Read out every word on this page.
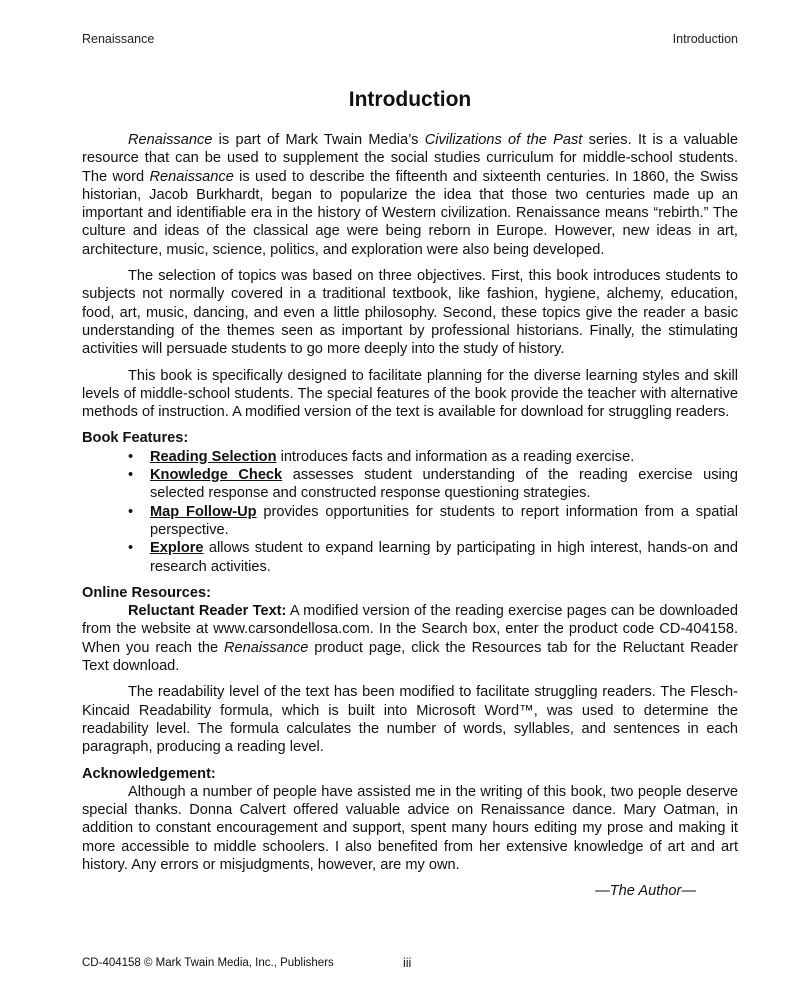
Renaissance	Introduction
Introduction

Renaissance is part of Mark Twain Media’s Civilizations of the Past series. It is a valuable resource that can be used to supplement the social studies curriculum for middle-school students. The word Renaissance is used to describe the fifteenth and sixteenth centuries. In 1860, the Swiss historian, Jacob Burkhardt, began to popularize the idea that those two centuries made up an important and identifiable era in the history of Western civilization. Renaissance means “rebirth.” The culture and ideas of the classical age were being reborn in Europe. However, new ideas in art, architecture, music, science, politics, and exploration were also being developed.

The selection of topics was based on three objectives. First, this book introduces students to subjects not normally covered in a traditional textbook, like fashion, hygiene, alchemy, education, food, art, music, dancing, and even a little philosophy. Second, these topics give the reader a basic understanding of the themes seen as important by professional historians. Finally, the stimulating activities will persuade students to go more deeply into the study of history.

This book is specifically designed to facilitate planning for the diverse learning styles and skill levels of middle-school students. The special features of the book provide the teacher with alternative methods of instruction. A modified version of the text is available for download for struggling readers.

Book Features:
• Reading Selection introduces facts and information as a reading exercise.
• Knowledge Check assesses student understanding of the reading exercise using selected response and constructed response questioning strategies.
• Map Follow-Up provides opportunities for students to report information from a spatial perspective.
• Explore allows student to expand learning by participating in high interest, hands-on and research activities.
Online Resources:

Reluctant Reader Text: A modified version of the reading exercise pages can be downloaded from the website at www.carsondellosa.com. In the Search box, enter the product code CD-404158. When you reach the Renaissance product page, click the Resources tab for the Reluctant Reader Text download.

The readability level of the text has been modified to facilitate struggling readers. The Flesch-Kincaid Readability formula, which is built into Microsoft Word™, was used to determine the readability level. The formula calculates the number of words, syllables, and sentences in each paragraph, producing a reading level.

Acknowledgement:

Although a number of people have assisted me in the writing of this book, two people deserve special thanks. Donna Calvert offered valuable advice on Renaissance dance. Mary Oatman, in addition to constant encouragement and support, spent many hours editing my prose and making it more accessible to middle schoolers. I also benefited from her extensive knowledge of art and art history. Any errors or misjudgments, however, are my own.

—The Author—
CD-404158 © Mark Twain Media, Inc., Publishers	iii
